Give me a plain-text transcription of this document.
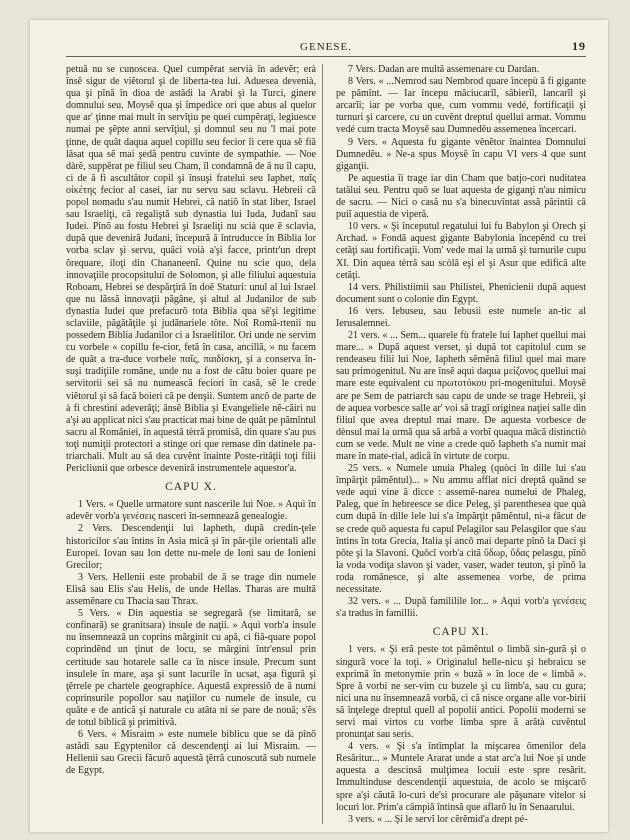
GENESE.	19

petuă nu se cunoscea. Quel cumpĕrat servià în adevĕr; erà însĕ sigur de viĕtorul şi de liberta-tea lui. Aduesea devenià, qua şi pînă în dioa de astădi la Arabi şi la Turci, ginere domnului seu. Moysĕ qua şi împedice ori que abus al quelor que ar' ţinne mai mult în servĭţiu pe quei cumpĕraţi, legiuesce numai pe şĕpte anni servĭţiul, şi domnul seu nu 'l mai pote ţinne, de quât daqua aquel copillu seu fecior îi cere qua sĕ fiă lăsat qua sĕ mai şedă pentru cuvinte de sympathie. — Noe dàrĕ, suppĕrat pe filiul seu Cham, îl condamnă de ă nu îl capu, ci de ă fi ascultător copil şi însuşi fratelui seu Iaphet, παῖς οἰκέτης fecior al casei, iar nu servu sau sclavu. Hebreii că popol nomadu s'au numit Hebrei, că natiŏ în stat liber, Israel sau Israeliţi, că regaliştă sub dynastia lui Iuda, Judanĭ sau Iudei. Pînŏ au fostu Hebrei şi Israeliţi nu scià que ĕ sclavia, după que deveniră Judani, începură ă întruducce în Biblia lor vorba sclav şi servu, quâci voià a'şi facce, printr'un drept ŏrequare, iloţi din Chananeenĭ. Quine nu scie quo, dela innovaţiile procopsitului de Solomon, şi alle filiului aquestuia Roboam, Hebrei se despărţiră în doĕ Staturi: unul al lui Israel que nu lăssă innovaţii păgâne, şi altul al Judanilor de sub dynastia Iudei que prefacurŏ tota Biblia qua sĕ'şi legitime sclaviile, păgătăţile şi judănariele tôte. Noĭ Româ-rtenii nu possedem Biblia Judanilor ci a Israelitilor. Ori unde ne servim cu vorbele « copillu fe-cior, fetă în casa, ancillă, » nu facem de quât a tra-duce vorbele παῖς, παιδίσκη, şi a conserva în-suşi tradiţiile romăne, unde nu a fost de cătu boier quare pe servitorii sei să nu numească feciori în casă, sĕ le crede viĕtorul şi să facă boieri că pe denşii. Suntem ancŏ de parte de à fi chrestini adeverăţi; ânsĕ Biblia şi Evangeliele nĕ-căiri nu a'şi au applicat nici s'au practicat mai bine de quât pe pămîntul sacru al Romăniei, în aquestă tèrră promisă, din quare s'au pus toţi numiţii protectori a stinge ori que remase din datinele pa-triarchali. Mult au să dea cuvĕnt înainte Poste-rităţii toţi filii Pericliunii que orbesce deveniră instrumentele aquestor'a.

CAPU X.

1 Vers. « Quelle urmatore sunt nascerile lui Noe. » Aquì în adevĕr vorb'a γενέσεις nasceri în-semnează genealogie.

2 Vers. Descendenţii lui Iapheth, după credin-ţele historicilor s'au întins în Asia mică şi în păr-ţile orientali alle Europei. Iovan sau Ion dette nu-mele de Ioni sau de Ionieni Grecilor;

3 Vers. Hellenii este probabil de ă se trage din numele Elisă sau Elis s'au Helis, de unde Hellas. Tharas are multă assemĕnare cu Thacia sau Thrax.

5 Vers. « Din aquestia se segregară (se limitară, se confinară) se granitsara) insule de naţii. » Aquì vorb'a insule nu însemnează un coprins mărginit cu apă, ci fiă-quare popol coprindĕnd un ţinut de locu, se mărginì într'ensul prin certitude sau hotarele salle ca în nisce insule. Precum sunt insulele în mare, aşa şi sunt lacurile în ucsat, aşa figură şi ţĕrrele pe chartele geographice. Aquestă expressiŏ de ă numi coprinsurile popollor sau naţiilor cu numele de insule, cu quâte e de antică şi naturale cu atâta ni se pare de nouă; s'ĕs de totul biblică şi primitivă.

6 Vers. « Misraim » este numele biblicu que se dà pînŏ astădi sau Egyptenilor că descendenţi ai lui Misraim. — Hellenii sau Grecii făcurŏ aquestă ţĕrră cunoscută sub numele de Egypt.

7 Vers. Dadan are multă assemenare cu Dardan.

8 Vers. « ...Nemrod sau Nembrod quare începù ă fi gigante pe pămînt. — Iar începu mâciucarĭl, sâbierĭl, lancarĭl şi arcarĭi; iar pe vorba que, cum vommu vedé, fortificaţii şi turnuri şi carcere, cu un cuvĕnt dreptul quellui armat. Vommu vedé cum tracta Moysĕ sau Dumnedĕu assemenea încercari.

9 Vers. « Aquesta fu gigante vĕnĕtor înaintea Domnului Dumnedĕu. » Ne-a spus Moysĕ în capu VI vers 4 que sunt giganţii.

Pe aquestia îi trage iar din Cham que batjo-corì nuditatea tatălui seu. Pentru quŏ se luat aquesta de giganţi n'au nimicu de sacru. — Nici o casă nu s'a binecuvîntat assă părintii câ puiĭ aquestia de viperă.

10 vers. « Şi începutul regatului lui fu Babylon şi Orech şi Archad. » Fondă aquest gigante Babylonia începĕnd cu trei cetăţi sau fortificaţii. Vom' vede mai la urmă şi turnurile cupu XI. Din aquea tèrră sau scòlă eşi el şi Asur que edifică alte cetăţi.

14 vers. Philistiimii sau Philistei, Phenicienii după aquest document sunt o colonie din Egypt.

16 vers. Iebuseu, sau Iebusii este numele an-tic al Ierusalemnei.

21 vers. « ... Sem... quarele fù fratele lui Iaphet quellui mai mare... » După aquest verset, şi după tot capitolul cum se rendeaseu filii lui Noe, Iapheth sĕmĕnă filiul quel mai mare sau primogenitul. Nu are însĕ aquì daqua μείζονος quellui mai mare este equivalent cu πρωτοτόκου pri-mogenitului. Moysĕ are pe Sem de patriarch sau capu de unde se trage Hebreii, şi de aquea vorbesce salle ar' voi să tragĭ originea naţiei salle din filiul que avea dreptul mai mare. De aquesta vorbesce de dènsul mai la urmă qua să arbă a vorbĭ quaqua mâcă distinctiò cum se vede. Mult ne vine a crede quŏ Iapheth s'a numit mai mare în mate-rial, adică în virtute de corpu.

25 vers. « Numele unuia Phaleg (quòci în dille lui s'au împărţit pămĕntul)... » Nu ammu afflat nici dreptă quând se vede aquì vine ă dicce : assemĕ-narea numelui de Phaleg, Paleg, que în hebreesce se dice Peleg, şi parenthesea que quà cum după în dille lele lui s'a împărţit pămĕntul, ni-a făcut de se crede quŏ aquesta fu capul Pelagilor sau Pelasgilor que s'au întins în tota Grecia, Italia şi ancŏ mai departe pînŏ la Daci şi pôte şi la Slavoni. Quôcĭ vorb'a cită ὕδωρ, ὕδας pelasgu, pînŏ la voda vodiţa slavon şi vader, vaser, wader teuton, şi pînŏ la roda românesce, şi alte assemenea vorbe, de prima necessitate.

32 vers. « ... După famililile lor... » Aquì vorb'a γενέσεις s'a tradus în famillii.

CAPU XI.

1 vers. « Şi eră peste tot pămĕntul o limbă sin-gură şi o singură voce la toţi. » Originalul helle-nicu şi hebraicu se exprimă în metonymie prin « buză » în loce de « limbă ». Spre ă vorbi ne ser-vim cu buzele şi cu limb'a, sau cu gura; nici una nu însemnează vorbă, ci că nisce organe alle vor-birii să înţelege dreptul quell al popolii antici. Popolii moderni se servi mai virtos cu vorbe limba spre ă arătà cuvĕntul pronunţat sau seris.

4 vers. « Şi s'a întîmplat la mişcarea ômenilor dela Resăritur... » Muntele Ararat unde a stat arc'a lui Noe şi unde aquesta a descinsă mulţimea locuii este spre resărit. Immultinduse descendenţii aquestuia, de acolo se mişcarŏ spre a'şi căută lo-curi de'si procurare ale păşunare vitelor si locuri lor. Prim'a câmpiă întinsă que aflarŏ lu în Senaarului.

3 vers. « ... Şi le servĭ lor cĕrĕmid'a drept pé-
